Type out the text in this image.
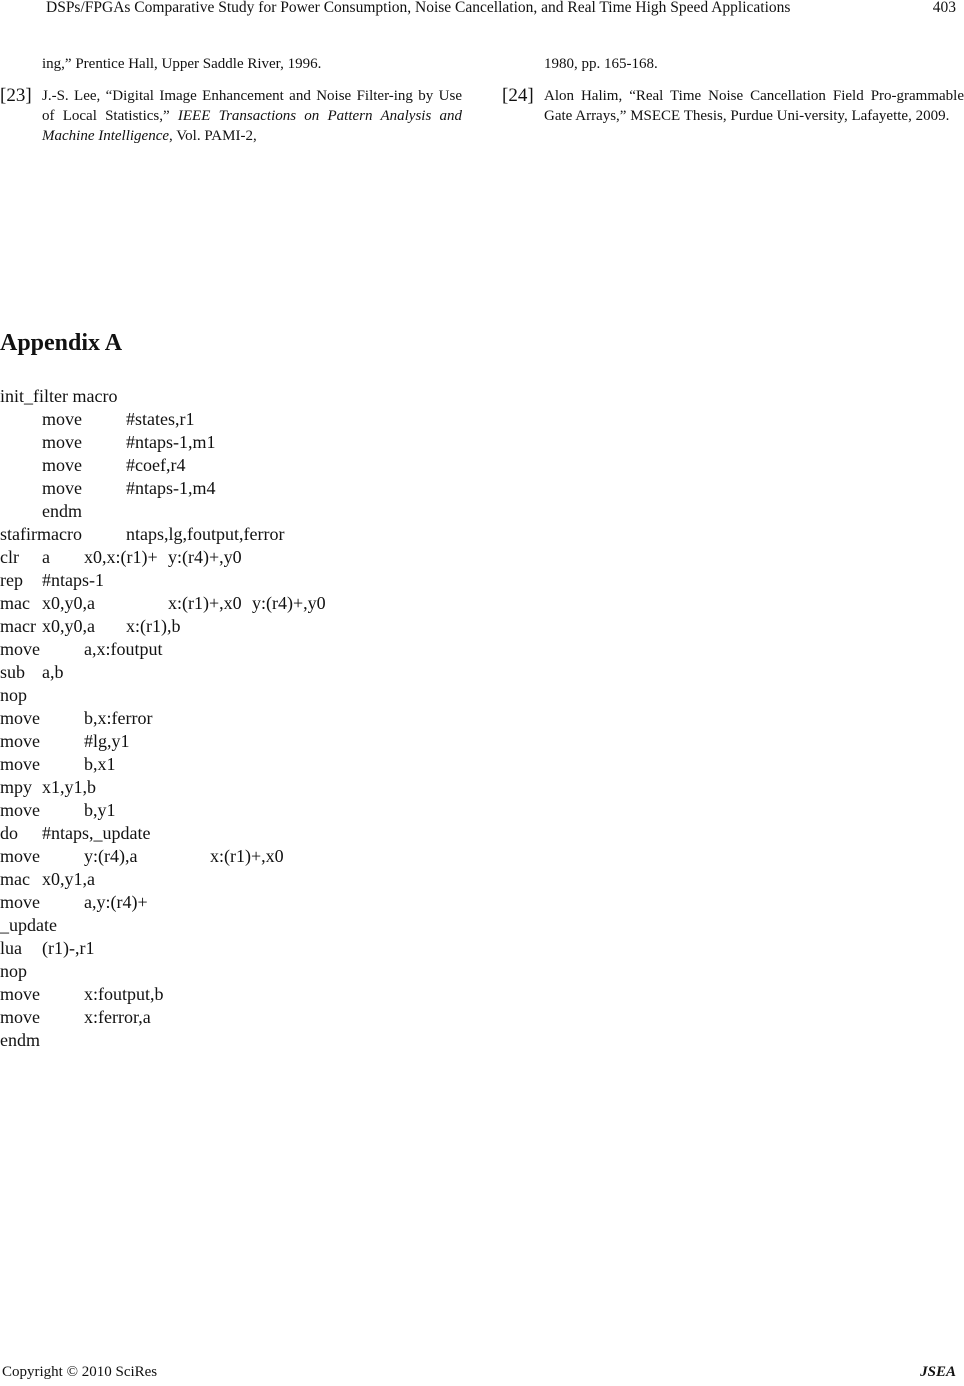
DSPs/FPGAs Comparative Study for Power Consumption, Noise Cancellation, and Real Time High Speed Applications	403
ing,” Prentice Hall, Upper Saddle River, 1996.
[23] J.-S. Lee, “Digital Image Enhancement and Noise Filter-ing by Use of Local Statistics,” IEEE Transactions on Pattern Analysis and Machine Intelligence, Vol. PAMI-2,
1980, pp. 165-168.
[24] Alon Halim, “Real Time Noise Cancellation Field Pro-grammable Gate Arrays,” MSECE Thesis, Purdue Uni-versity, Lafayette, 2009.
Appendix A
init_filter macro
move #states,r1
move #ntaps-1,m1
move #coef,r4
move #ntaps-1,m4
endm
stafirmacro ntaps,lg,foutput,ferror
clr a x0,x:(r1)+ y:(r4)+,y0
rep #ntaps-1
mac x0,y0,a	x:(r1)+,x0 y:(r4)+,y0
macr x0,y0,a x:(r1),b
move a,x:foutput
sub a,b
nop
move b,x:ferror
move #lg,y1
move b,x1
mpy x1,y1,b
move b,y1
do #ntaps,_update
move y:(r4),a	x:(r1)+,x0
mac x0,y1,a
move a,y:(r4)+
_update
lua (r1)-,r1
nop
move x:foutput,b
move x:ferror,a
endm
Copyright © 2010 SciRes	JSEA
